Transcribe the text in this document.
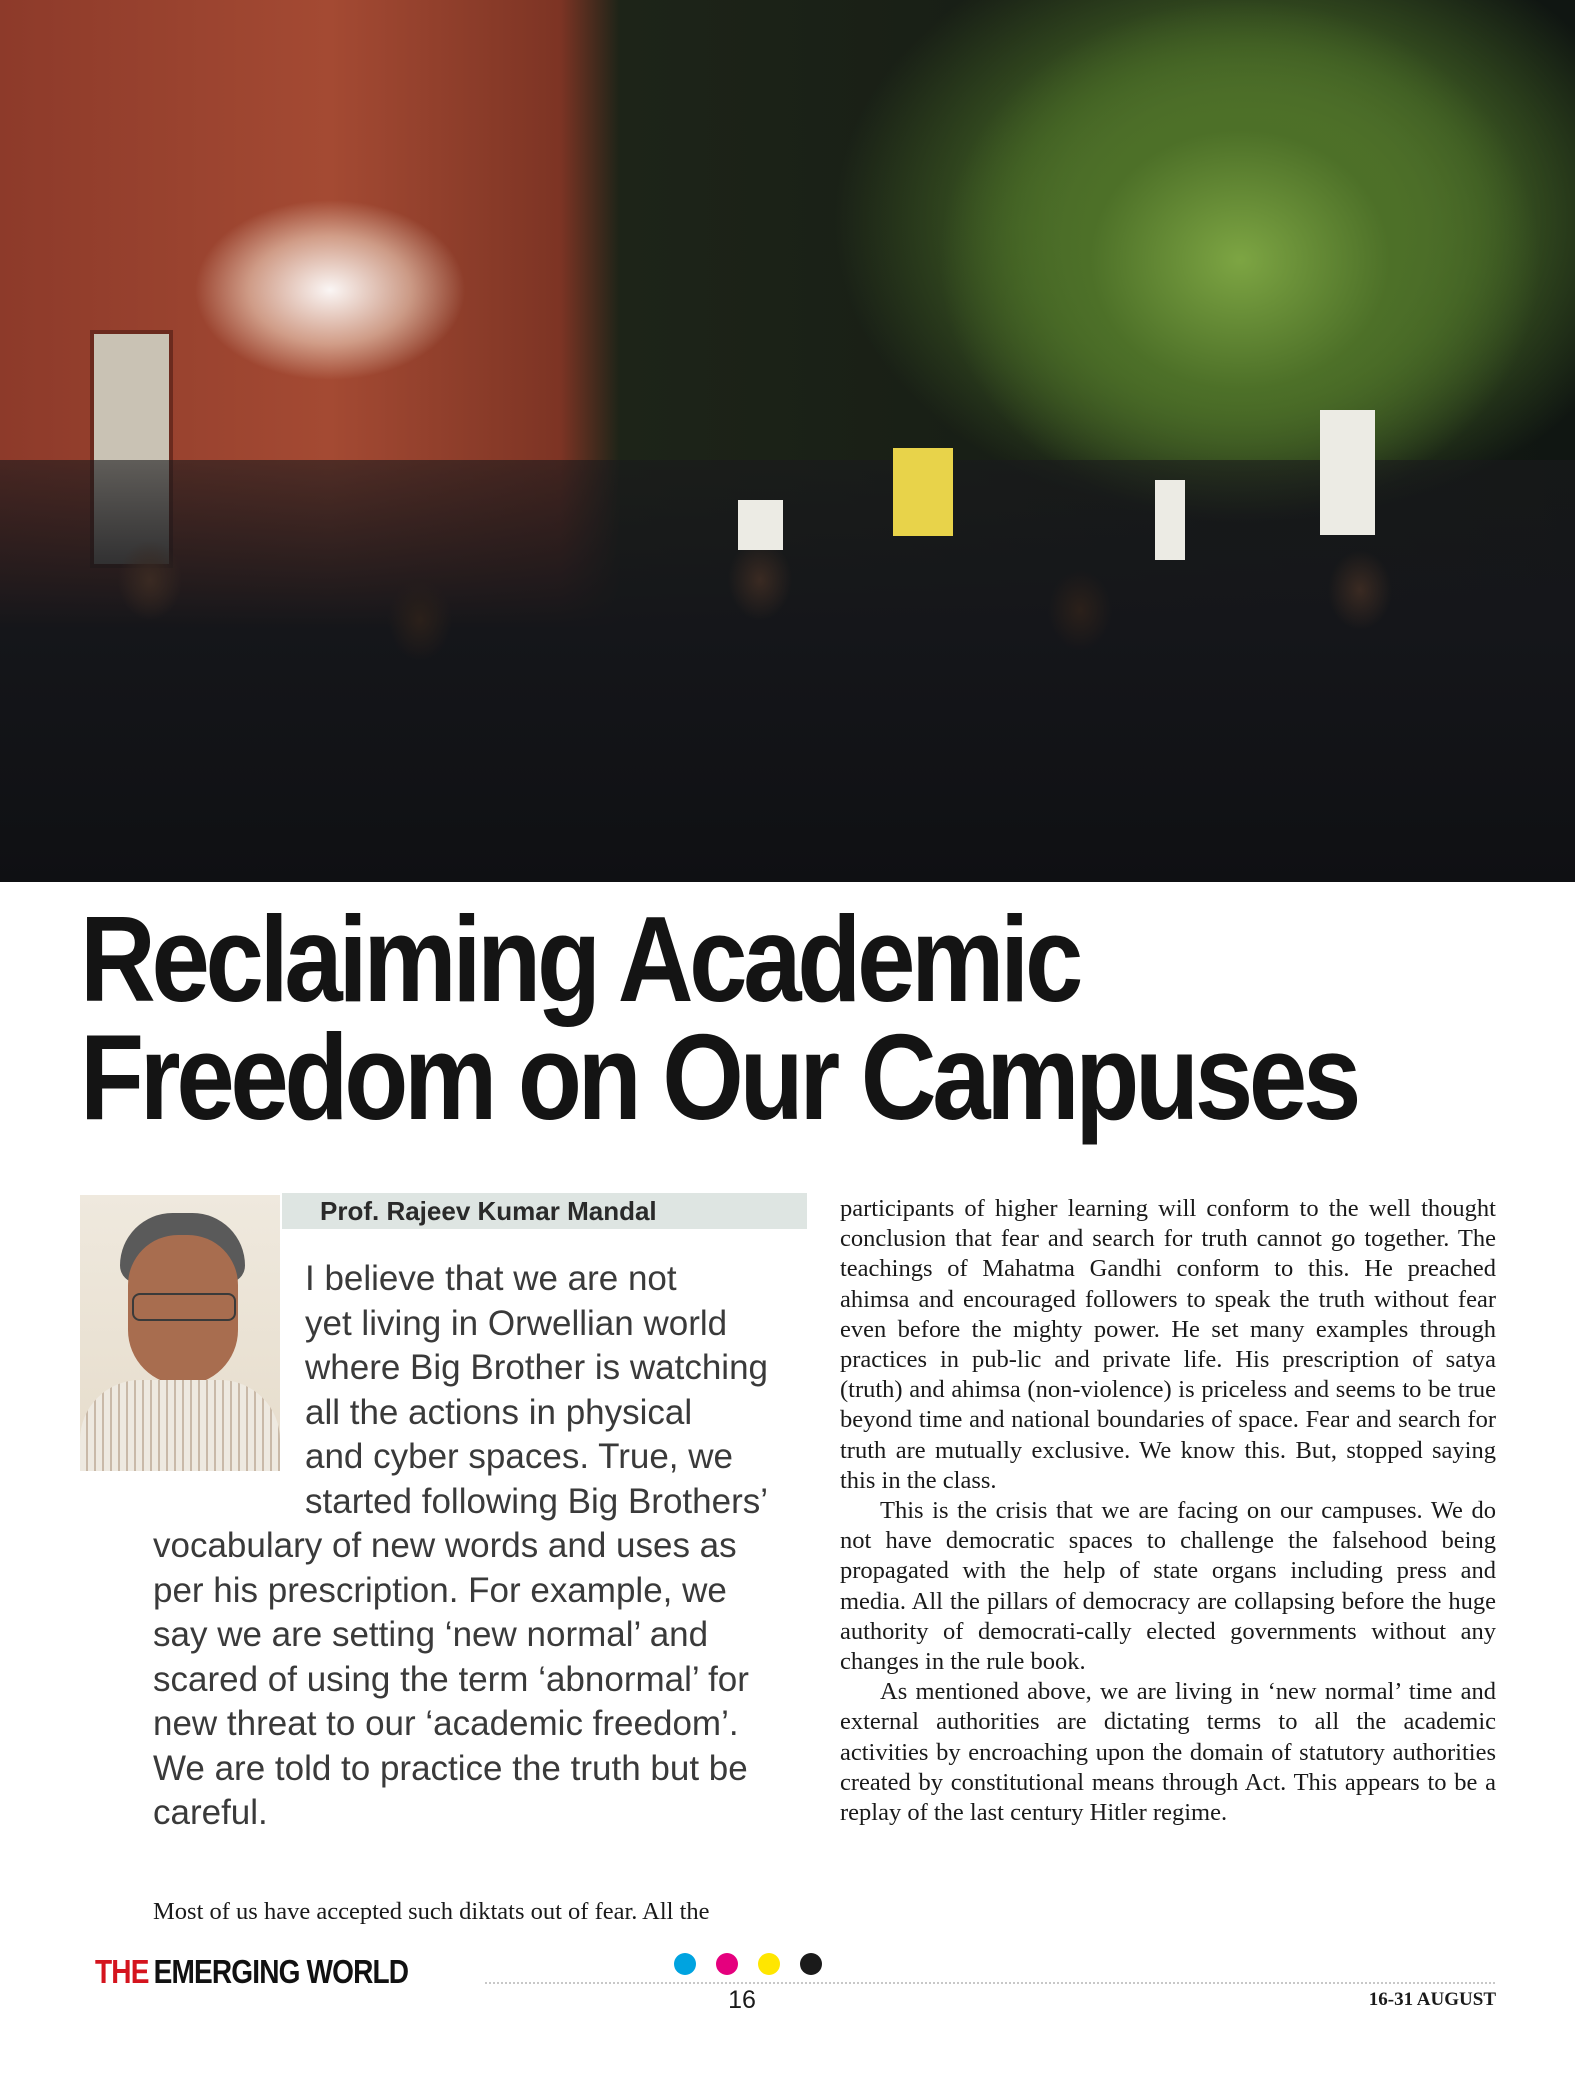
Reclaiming Academic
Freedom on Our Campuses
Prof. Rajeev Kumar Mandal

I believe that we are not

yet living in Orwellian world

where Big Brother is watching

all the actions in physical

and cyber spaces. True, we

started following Big Brothers’

vocabulary of new words and uses as

per his prescription. For example, we

say we are setting ‘new normal’ and

scared of using the term ‘abnormal’ for

new threat to our ‘academic freedom’.

We are told to practice the truth but be

careful.

Most of us have accepted such diktats out of fear. All the

participants of higher learning will conform to the well thought conclusion that fear and search for truth cannot go together. The teachings of Mahatma Gandhi conform to this. He preached ahimsa and encouraged followers to speak the truth without fear even before the mighty power. He set many examples through practices in pub-lic and private life. His prescription of satya (truth) and ahimsa (non-violence) is priceless and seems to be true beyond time and national boundaries of space. Fear and search for truth are mutually exclusive. We know this. But, stopped saying this in the class.

This is the crisis that we are facing on our campuses. We do not have democratic spaces to challenge the falsehood being propagated with the help of state organs including press and media. All the pillars of democracy are collapsing before the huge authority of democrati-cally elected governments without any changes in the rule book.

As mentioned above, we are living in ‘new normal’ time and external authorities are dictating terms to all the academic activities by encroaching upon the domain of statutory authorities created by constitutional means through Act. This appears to be a replay of the last century Hitler regime.

THE EMERGING WORLD
16	16-31 AUGUST
